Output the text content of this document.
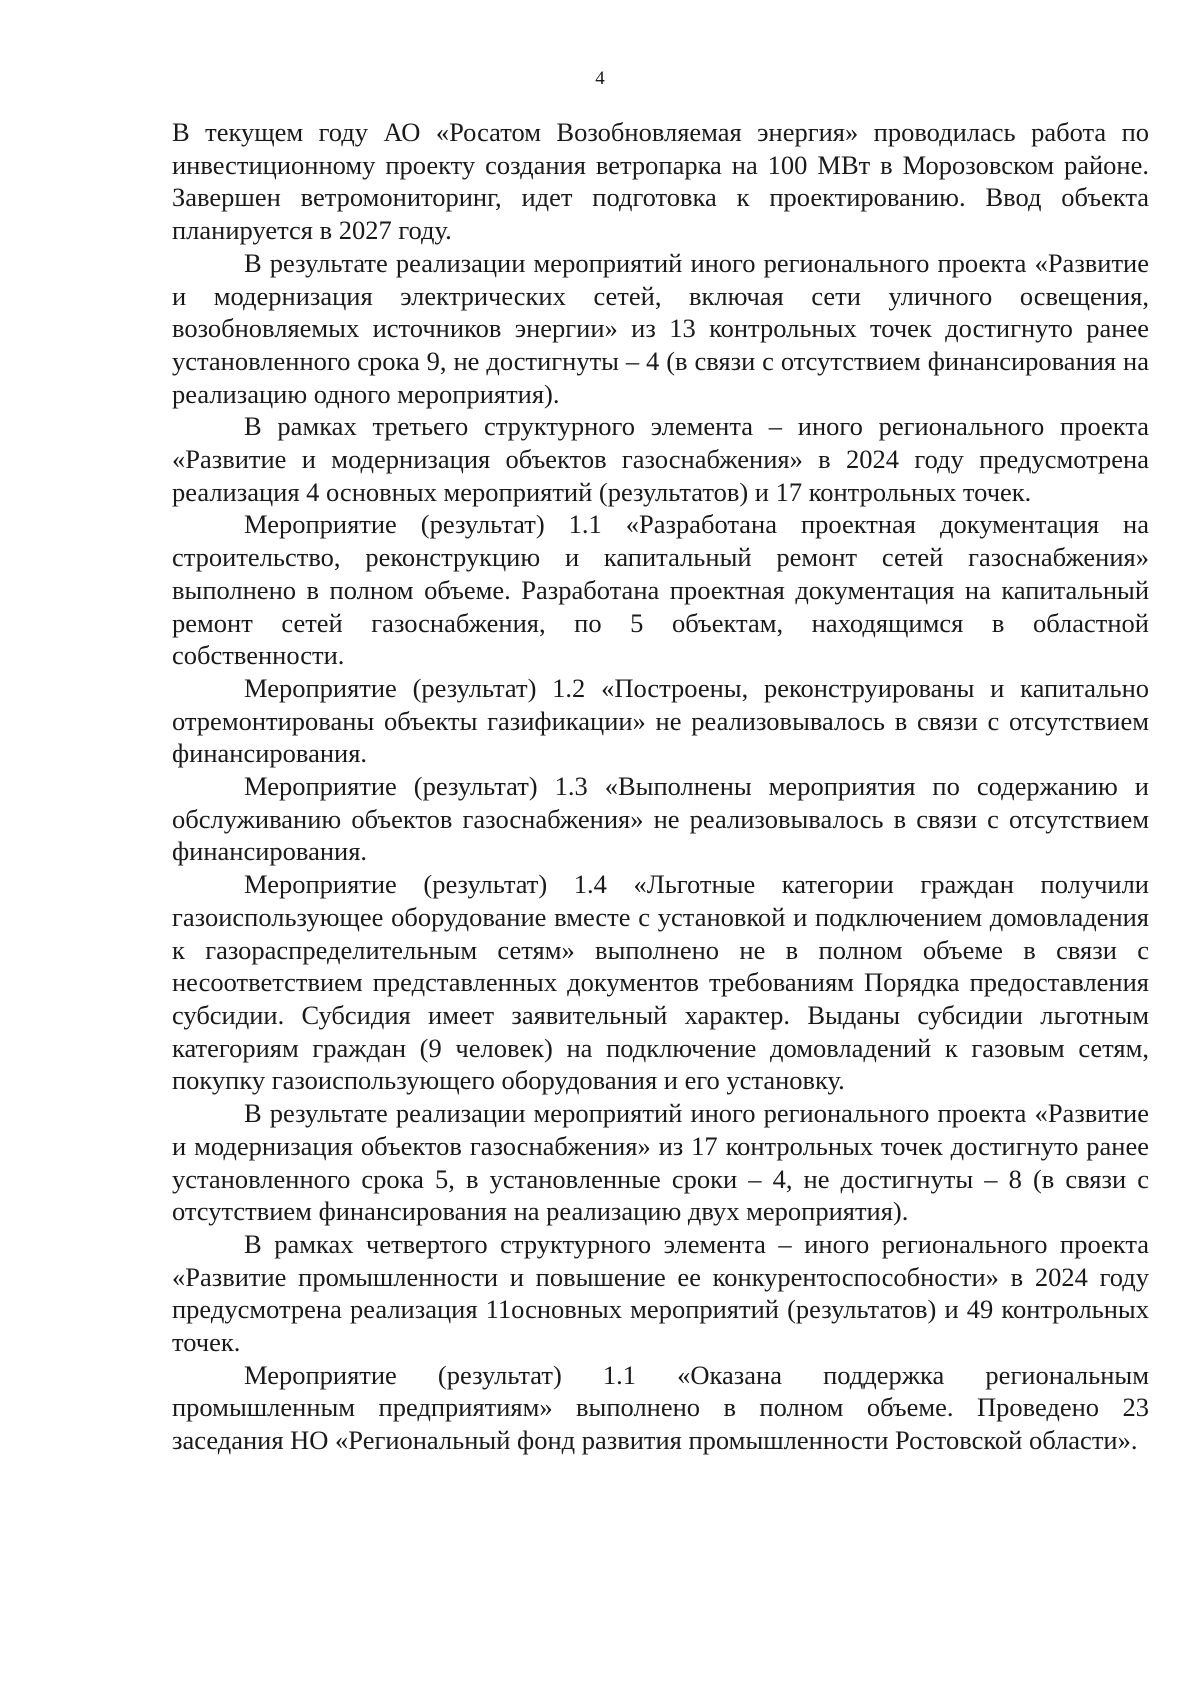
4

В текущем году АО «Росатом Возобновляемая энергия» проводилась работа по инвестиционному проекту создания ветропарка на 100 МВт в Морозовском районе. Завершен ветромониторинг, идет подготовка к проектированию. Ввод объекта планируется в 2027 году.

В результате реализации мероприятий иного регионального проекта «Развитие и модернизация электрических сетей, включая сети уличного освещения, возобновляемых источников энергии» из 13 контрольных точек достигнуто ранее установленного срока 9, не достигнуты – 4 (в связи с отсутствием финансирования на реализацию одного мероприятия).

В рамках третьего структурного элемента – иного регионального проекта «Развитие и модернизация объектов газоснабжения» в 2024 году предусмотрена реализация 4 основных мероприятий (результатов) и 17 контрольных точек.

Мероприятие (результат) 1.1 «Разработана проектная документация на строительство, реконструкцию и капитальный ремонт сетей газоснабжения» выполнено в полном объеме. Разработана проектная документация на капитальный ремонт сетей газоснабжения, по 5 объектам, находящимся в областной собственности.

Мероприятие (результат) 1.2 «Построены, реконструированы и капитально отремонтированы объекты газификации» не реализовывалось в связи с отсутствием финансирования.

Мероприятие (результат) 1.3 «Выполнены мероприятия по содержанию и обслуживанию объектов газоснабжения» не реализовывалось в связи с отсутствием финансирования.

Мероприятие (результат) 1.4 «Льготные категории граждан получили газоиспользующее оборудование вместе с установкой и подключением домовладения к газораспределительным сетям» выполнено не в полном объеме в связи с несоответствием представленных документов требованиям Порядка предоставления субсидии. Субсидия имеет заявительный характер. Выданы субсидии льготным категориям граждан (9 человек) на подключение домовладений к газовым сетям, покупку газоиспользующего оборудования и его установку.

В результате реализации мероприятий иного регионального проекта «Развитие и модернизация объектов газоснабжения» из 17 контрольных точек достигнуто ранее установленного срока 5, в установленные сроки – 4, не достигнуты – 8 (в связи с отсутствием финансирования на реализацию двух мероприятия).

В рамках четвертого структурного элемента – иного регионального проекта «Развитие промышленности и повышение ее конкурентоспособности» в 2024 году предусмотрена реализация 11основных мероприятий (результатов) и 49 контрольных точек.

Мероприятие (результат) 1.1 «Оказана поддержка региональным промышленным предприятиям» выполнено в полном объеме. Проведено 23 заседания НО «Региональный фонд развития промышленности Ростовской области».
